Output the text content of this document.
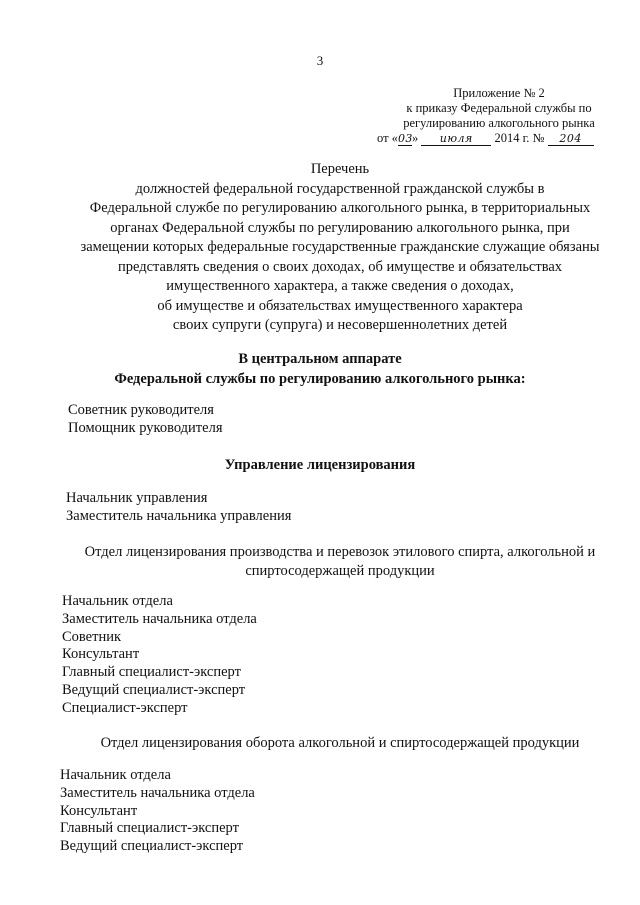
3
Приложение № 2
к приказу Федеральной службы по
регулированию алкогольного рынка
от «03» июля 2014 г. № 204
Перечень
должностей федеральной государственной гражданской службы в
Федеральной службе по регулированию алкогольного рынка, в территориальных
органах Федеральной службы по регулированию алкогольного рынка, при
замещении которых федеральные государственные гражданские служащие обязаны
представлять сведения о своих доходах, об имуществе и обязательствах
имущественного характера, а также сведения о доходах,
об имуществе и обязательствах имущественного характера
своих супруги (супруга) и несовершеннолетних детей
В центральном аппарате
Федеральной службы по регулированию алкогольного рынка:
Советник руководителя
Помощник руководителя
Управление лицензирования
Начальник управления
Заместитель начальника управления
Отдел лицензирования производства и перевозок этилового спирта, алкогольной и
спиртосодержащей продукции
Начальник отдела
Заместитель начальника отдела
Советник
Консультант
Главный специалист-эксперт
Ведущий специалист-эксперт
Специалист-эксперт
Отдел лицензирования оборота алкогольной и спиртосодержащей продукции
Начальник отдела
Заместитель начальника отдела
Консультант
Главный специалист-эксперт
Ведущий специалист-эксперт
